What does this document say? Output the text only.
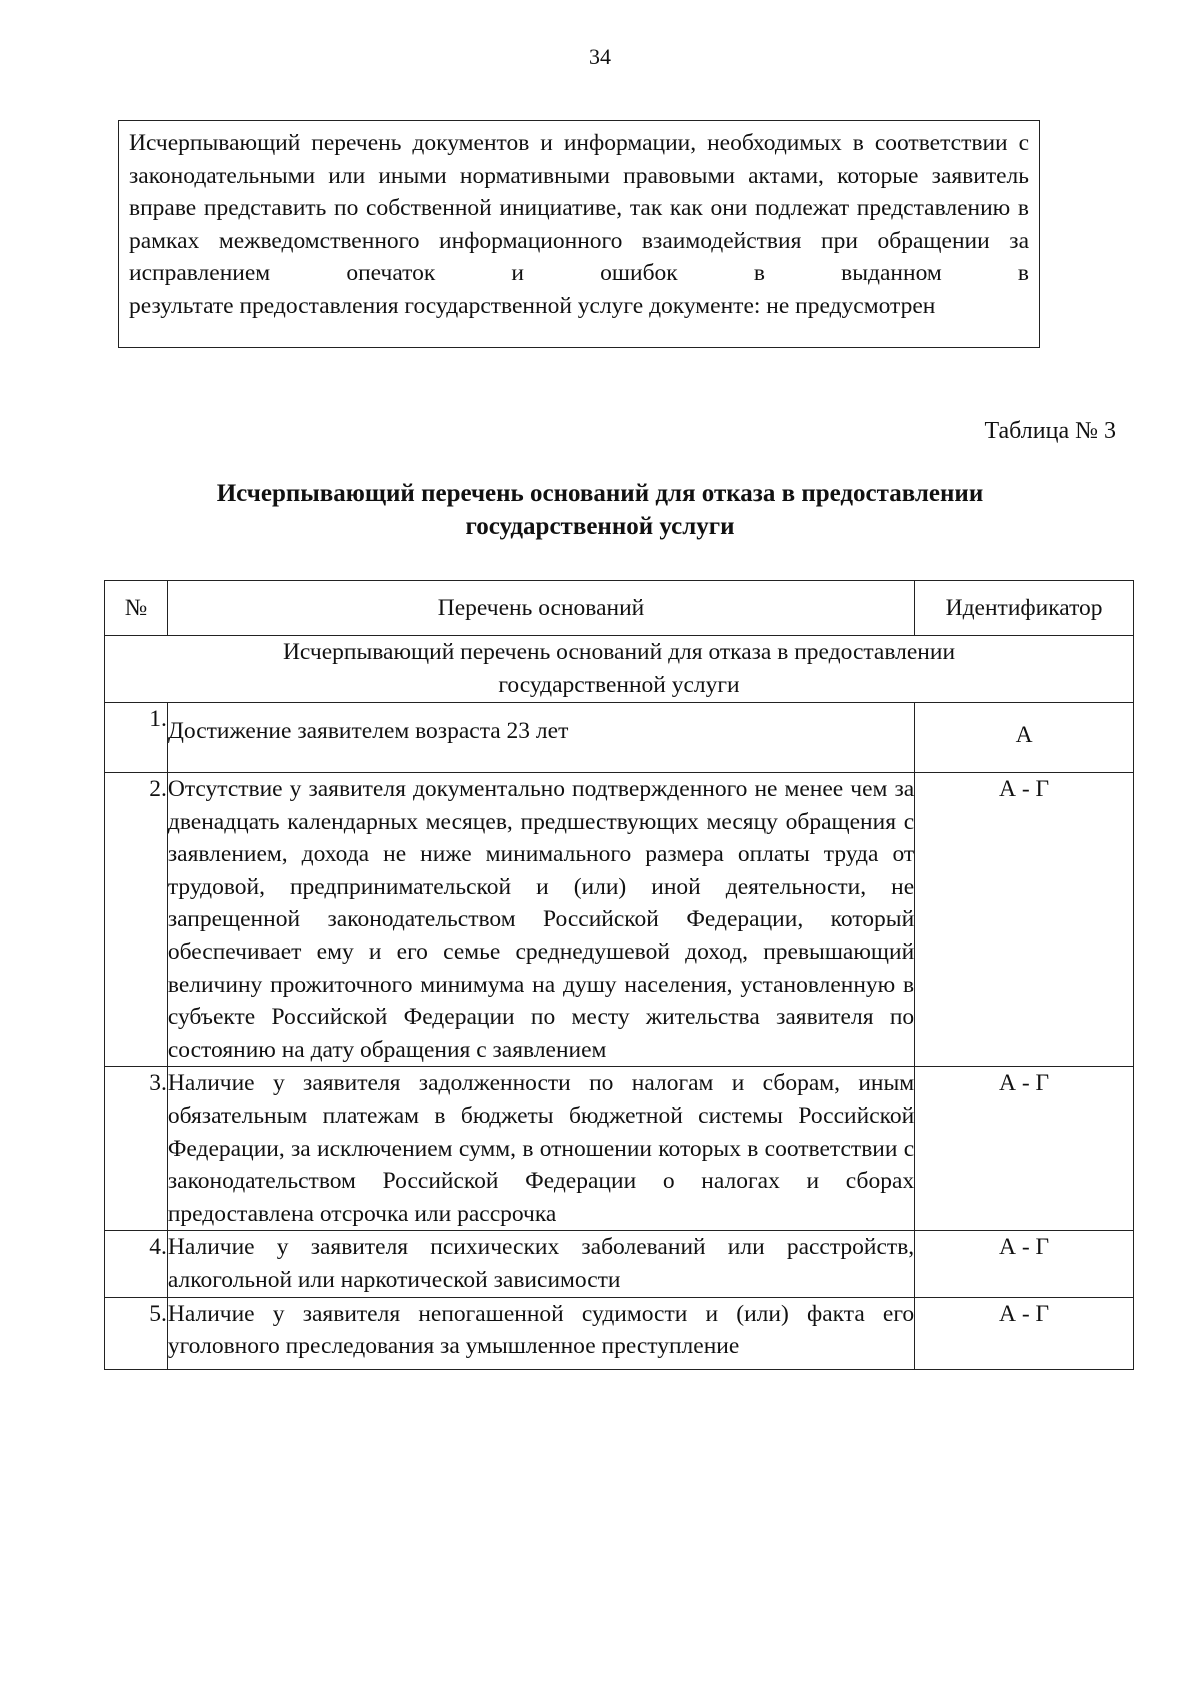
34
Исчерпывающий перечень документов и информации, необходимых в соответствии с законодательными или иными нормативными правовыми актами, которые заявитель вправе представить по собственной инициативе, так как они подлежат представлению в рамках межведомственного информационного взаимодействия при обращении за исправлением опечаток и ошибок в выданном в
результате предоставления государственной услуге документе: не предусмотрен
Таблица № 3
Исчерпывающий перечень оснований для отказа в предоставлении
государственной услуги
№	Перечень оснований	Идентификатор

Исчерпывающий перечень оснований для отказа в предоставлении
государственной услуги		

1.	Достижение заявителем возраста 23 лет	А
2.	Отсутствие у заявителя документально подтвержденного не менее чем за двенадцать календарных месяцев, предшествующих месяцу обращения с заявлением, дохода не ниже минимального размера оплаты труда от трудовой, предпринимательской и (или) иной деятельности, не запрещенной законодательством Российской Федерации, который обеспечивает ему и его семье среднедушевой доход, превышающий величину прожиточного минимума на душу населения, установленную в субъекте Российской Федерации по месту жительства заявителя по состоянию на дату обращения с заявлением	А - Г
3.	Наличие у заявителя задолженности по налогам и сборам, иным обязательным платежам в бюджеты бюджетной системы Российской Федерации, за исключением сумм, в отношении которых в соответствии с законодательством Российской Федерации о налогах и сборах предоставлена отсрочка или рассрочка	А - Г
4.	Наличие у заявителя психических заболеваний или расстройств, алкогольной или наркотической зависимости	А - Г
5.	Наличие у заявителя непогашенной судимости и (или) факта его уголовного преследования за умышленное преступление	А - Г
